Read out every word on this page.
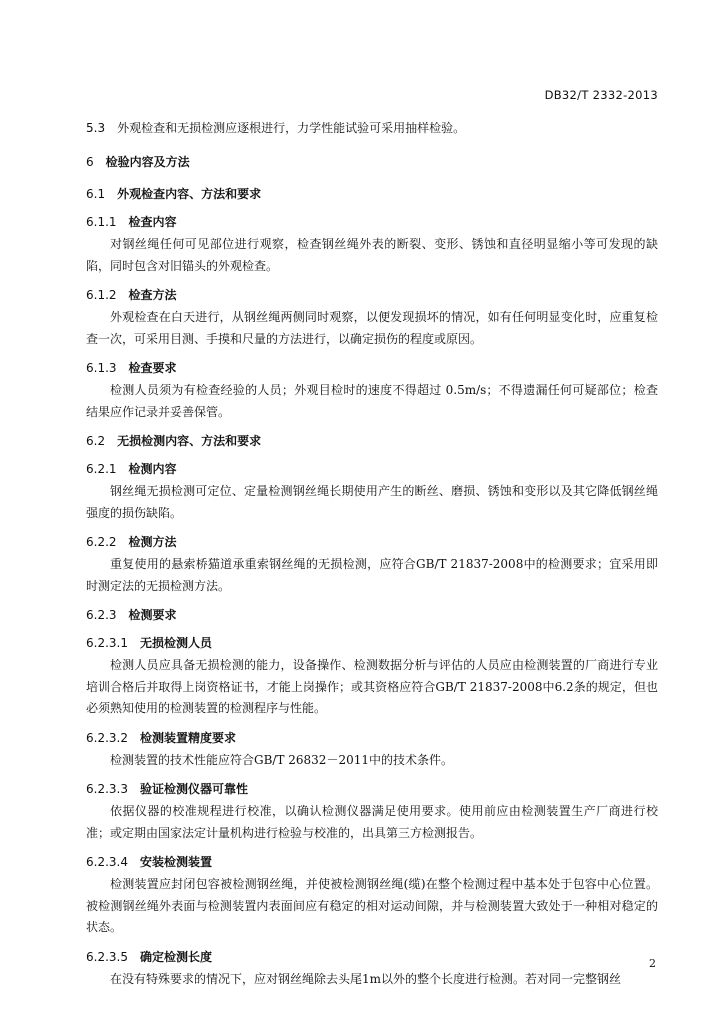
DB32/T 2332-2013
5.3 外观检查和无损检测应逐根进行，力学性能试验可采用抽样检验。
6 检验内容及方法
6.1 外观检查内容、方法和要求
6.1.1 检查内容
对钢丝绳任何可见部位进行观察，检查钢丝绳外表的断裂、变形、锈蚀和直径明显缩小等可发现的缺陷，同时包含对旧锚头的外观检查。
6.1.2 检查方法
外观检查在白天进行，从钢丝绳两侧同时观察，以便发现损坏的情况，如有任何明显变化时，应重复检查一次，可采用目测、手摸和尺量的方法进行，以确定损伤的程度或原因。
6.1.3 检查要求
检测人员须为有检查经验的人员；外观目检时的速度不得超过 0.5m/s；不得遗漏任何可疑部位；检查结果应作记录并妥善保管。
6.2 无损检测内容、方法和要求
6.2.1 检测内容
钢丝绳无损检测可定位、定量检测钢丝绳长期使用产生的断丝、磨损、锈蚀和变形以及其它降低钢丝绳强度的损伤缺陷。
6.2.2 检测方法
重复使用的悬索桥猫道承重索钢丝绳的无损检测，应符合GB/T 21837-2008中的检测要求；宜采用即时测定法的无损检测方法。
6.2.3 检测要求
6.2.3.1 无损检测人员
检测人员应具备无损检测的能力，设备操作、检测数据分析与评估的人员应由检测装置的厂商进行专业培训合格后并取得上岗资格证书，才能上岗操作；或其资格应符合GB/T 21837-2008中6.2条的规定，但也必须熟知使用的检测装置的检测程序与性能。
6.2.3.2 检测装置精度要求
检测装置的技术性能应符合GB/T 26832－2011中的技术条件。
6.2.3.3 验证检测仪器可靠性
依据仪器的校准规程进行校准，以确认检测仪器满足使用要求。使用前应由检测装置生产厂商进行校准；或定期由国家法定计量机构进行检验与校准的，出具第三方检测报告。
6.2.3.4 安装检测装置
检测装置应封闭包容被检测钢丝绳，并使被检测钢丝绳(缆)在整个检测过程中基本处于包容中心位置。被检测钢丝绳外表面与检测装置内表面间应有稳定的相对运动间隙，并与检测装置大致处于一种相对稳定的状态。
6.2.3.5 确定检测长度
在没有特殊要求的情况下，应对钢丝绳除去头尾1m以外的整个长度进行检测。若对同一完整钢丝
2
